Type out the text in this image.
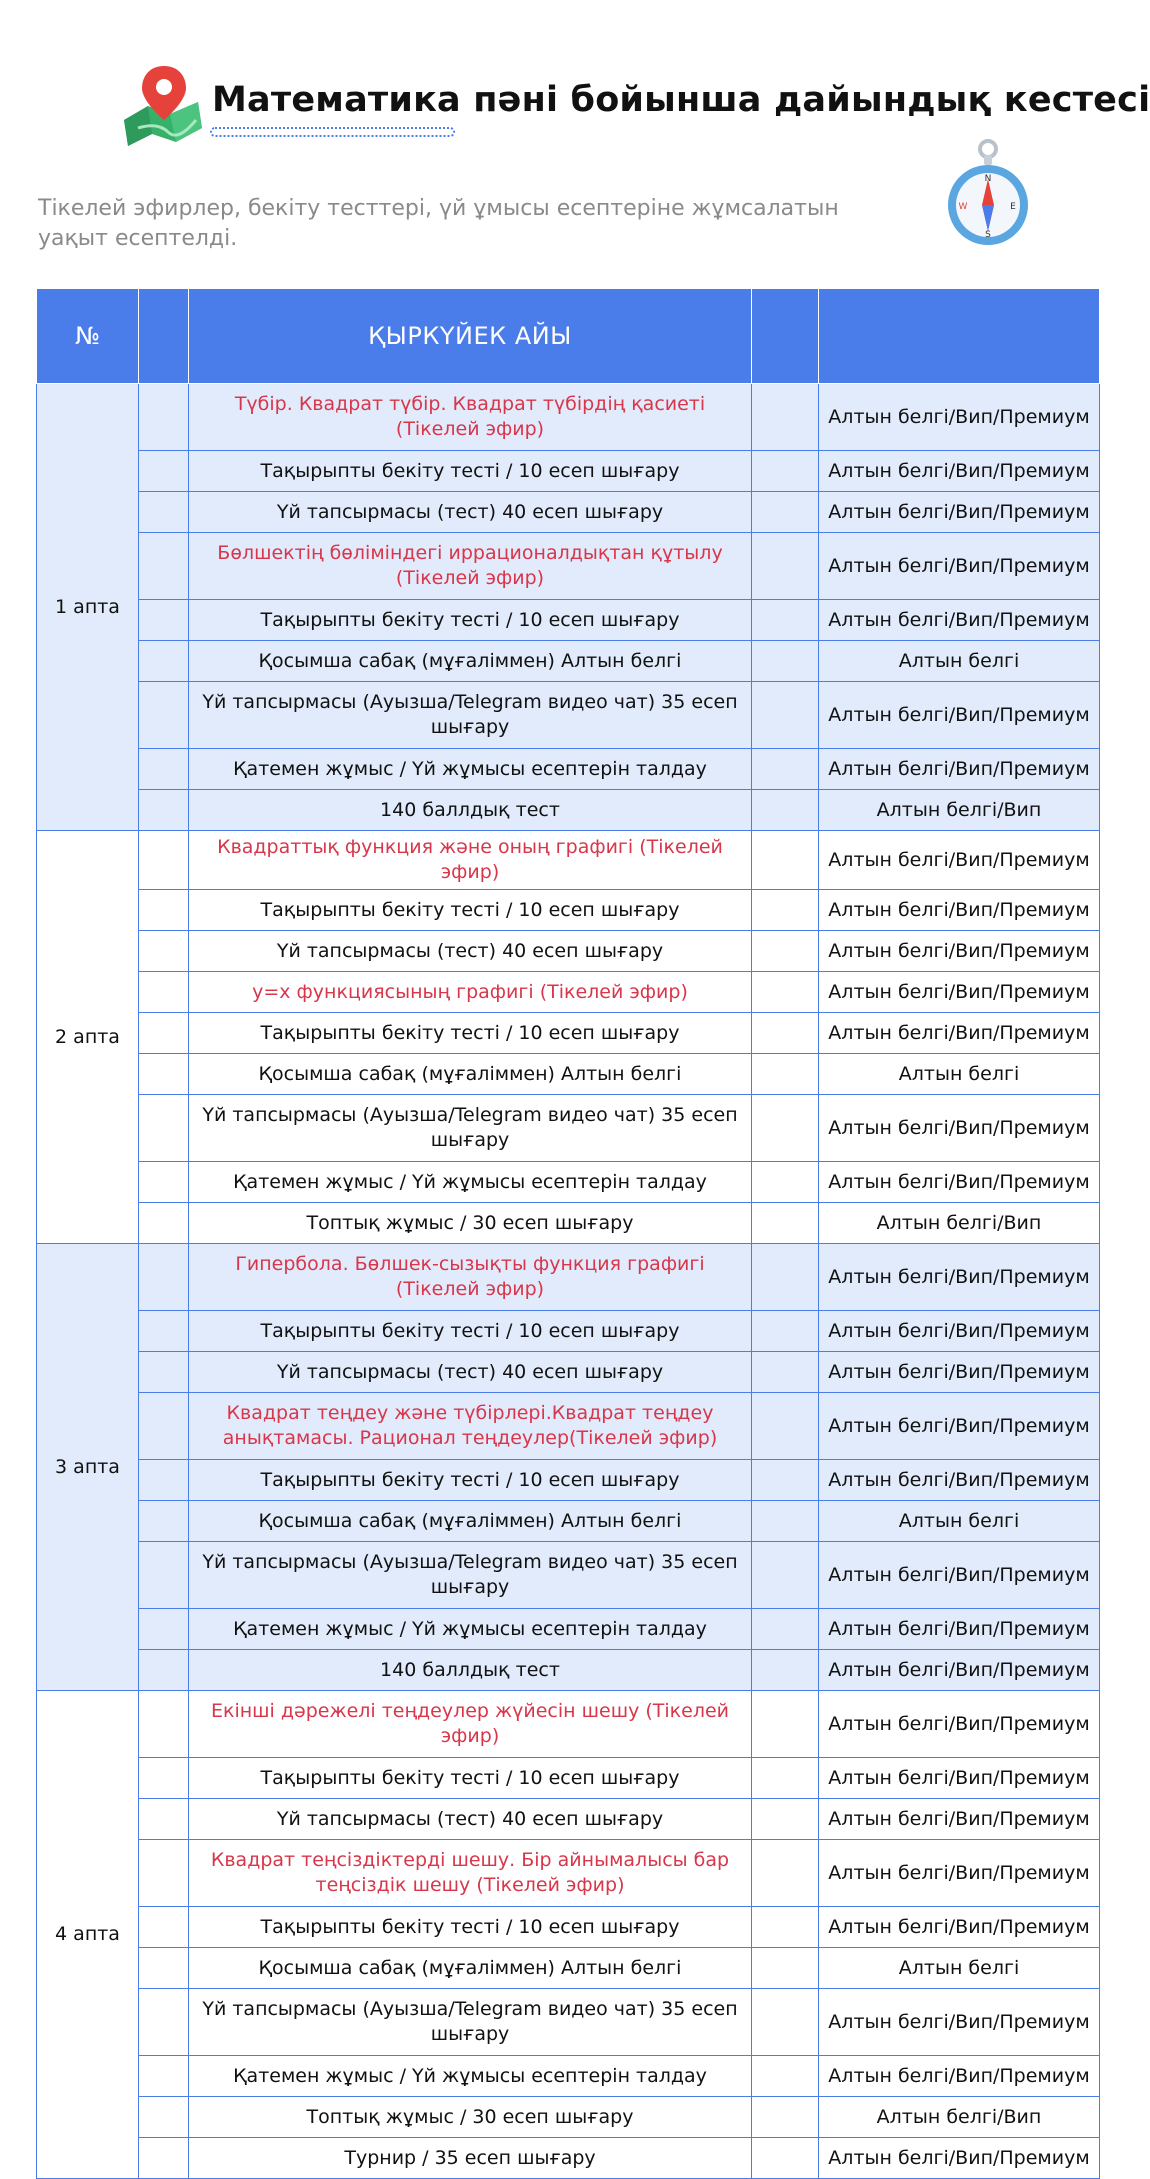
Математика пәні бойынша дайындық кестесі
Тікелей эфирлер, бекіту тесттері, үй ұмысы есептеріне жұмсалатын уақыт есептелді.
N
E
W
S
№		ҚЫРКҮЙЕК АЙЫ		
1 апта		Түбір. Квадрат түбір. Квадрат түбірдің қасиеті (Тікелей эфир)		Алтын белгі/Вип/Премиум
		Тақырыпты бекіту тесті / 10 есеп шығару		Алтын белгі/Вип/Премиум
		Үй тапсырмасы (тест) 40 есеп шығару		Алтын белгі/Вип/Премиум
		Бөлшектің бөліміндегі иррационалдықтан құтылу (Тікелей эфир)		Алтын белгі/Вип/Премиум
		Тақырыпты бекіту тесті / 10 есеп шығару		Алтын белгі/Вип/Премиум
		Қосымша сабақ (мұғаліммен) Алтын белгі		Алтын белгі
		Үй тапсырмасы (Ауызша/Telegram видео чат) 35 есеп шығару		Алтын белгі/Вип/Премиум
		Қатемен жұмыс / Үй жұмысы есептерін талдау		Алтын белгі/Вип/Премиум
		140 баллдық тест		Алтын белгі/Вип
2 апта		Квадраттық функция және оның графигі (Тікелей эфир)		Алтын белгі/Вип/Премиум
		Тақырыпты бекіту тесті / 10 есеп шығару		Алтын белгі/Вип/Премиум
		Үй тапсырмасы (тест) 40 есеп шығару		Алтын белгі/Вип/Премиум
		y=x функциясының графигі (Тікелей эфир)		Алтын белгі/Вип/Премиум
		Тақырыпты бекіту тесті / 10 есеп шығару		Алтын белгі/Вип/Премиум
		Қосымша сабақ (мұғаліммен) Алтын белгі		Алтын белгі
		Үй тапсырмасы (Ауызша/Telegram видео чат) 35 есеп шығару		Алтын белгі/Вип/Премиум
		Қатемен жұмыс / Үй жұмысы есептерін талдау		Алтын белгі/Вип/Премиум
		Топтық жұмыс / 30 есеп шығару		Алтын белгі/Вип
3 апта		Гипербола. Бөлшек-сызықты функция графигі (Тікелей эфир)		Алтын белгі/Вип/Премиум
		Тақырыпты бекіту тесті / 10 есеп шығару		Алтын белгі/Вип/Премиум
		Үй тапсырмасы (тест) 40 есеп шығару		Алтын белгі/Вип/Премиум
		Квадрат теңдеу және түбірлері.Квадрат теңдеу анықтамасы. Рационал теңдеулер(Тікелей эфир)		Алтын белгі/Вип/Премиум
		Тақырыпты бекіту тесті / 10 есеп шығару		Алтын белгі/Вип/Премиум
		Қосымша сабақ (мұғаліммен) Алтын белгі		Алтын белгі
		Үй тапсырмасы (Ауызша/Telegram видео чат) 35 есеп шығару		Алтын белгі/Вип/Премиум
		Қатемен жұмыс / Үй жұмысы есептерін талдау		Алтын белгі/Вип/Премиум
		140 баллдық тест		Алтын белгі/Вип/Премиум
4 апта		Екінші дәрежелі теңдеулер жүйесін шешу (Тікелей эфир)		Алтын белгі/Вип/Премиум
		Тақырыпты бекіту тесті / 10 есеп шығару		Алтын белгі/Вип/Премиум
		Үй тапсырмасы (тест) 40 есеп шығару		Алтын белгі/Вип/Премиум
		Квадрат теңсіздіктерді шешу. Бір айнымалысы бар теңсіздік шешу (Тікелей эфир)		Алтын белгі/Вип/Премиум
		Тақырыпты бекіту тесті / 10 есеп шығару		Алтын белгі/Вип/Премиум
		Қосымша сабақ (мұғаліммен) Алтын белгі		Алтын белгі
		Үй тапсырмасы (Ауызша/Telegram видео чат) 35 есеп шығару		Алтын белгі/Вип/Премиум
		Қатемен жұмыс / Үй жұмысы есептерін талдау		Алтын белгі/Вип/Премиум
		Топтық жұмыс / 30 есеп шығару		Алтын белгі/Вип
		Турнир / 35 есеп шығару		Алтын белгі/Вип/Премиум
